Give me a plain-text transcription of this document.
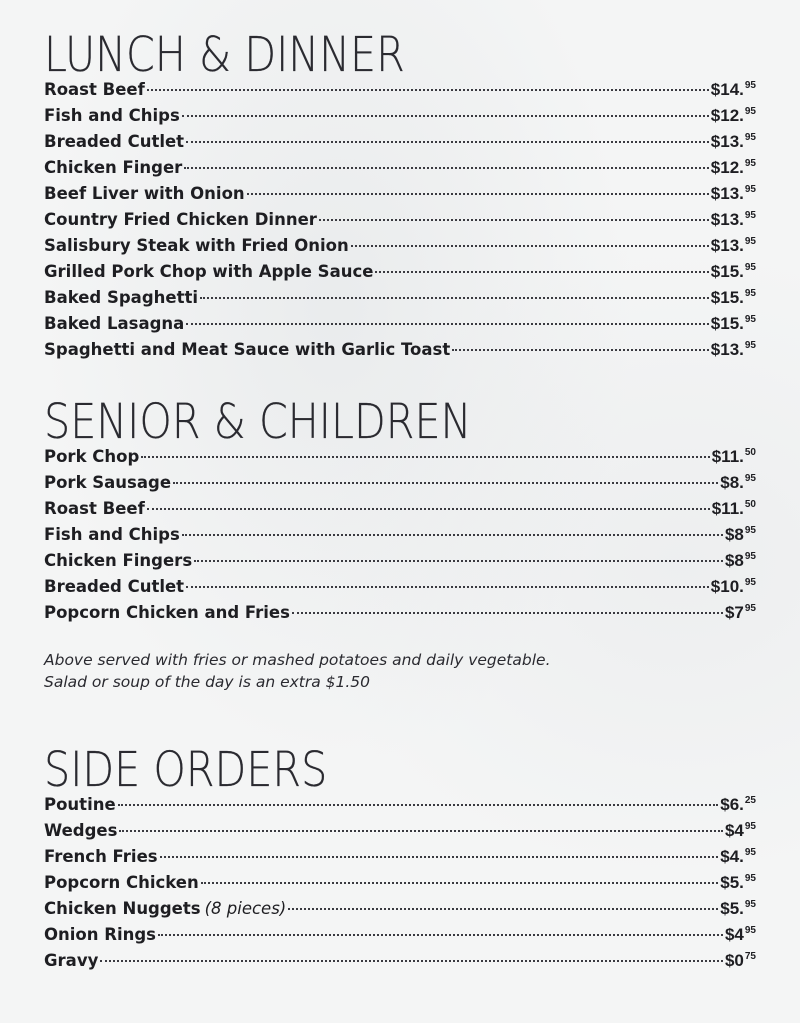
LUNCH & DINNER
Roast Beef	$14.95
Fish and Chips	$12.95
Breaded Cutlet	$13.95
Chicken Finger	$12.95
Beef Liver with Onion	$13.95
Country Fried Chicken Dinner	$13.95
Salisbury Steak with Fried Onion	$13.95
Grilled Pork Chop with Apple Sauce	$15.95
Baked Spaghetti	$15.95
Baked Lasagna	$15.95
Spaghetti and Meat Sauce with Garlic Toast	$13.95
SENIOR & CHILDREN
Pork Chop	$11.50
Pork Sausage	$8.95
Roast Beef	$11.50
Fish and Chips	$\$8^{95}$
Chicken Fingers	$\$8^{95}$
Breaded Cutlet	$10.95
Popcorn Chicken and Fries	$\$7^{95}$
Above served with fries or mashed potatoes and daily vegetable.
Salad or soup of the day is an extra $1.50
SIDE ORDERS
Poutine	$6.25
Wedges	$\$4^{95}$
French Fries	$4.95
Popcorn Chicken	$5.95
Chicken Nuggets (8 pieces)	$5.95
Onion Rings	$\$4^{95}$
Gravy	$\$0^{75}$
